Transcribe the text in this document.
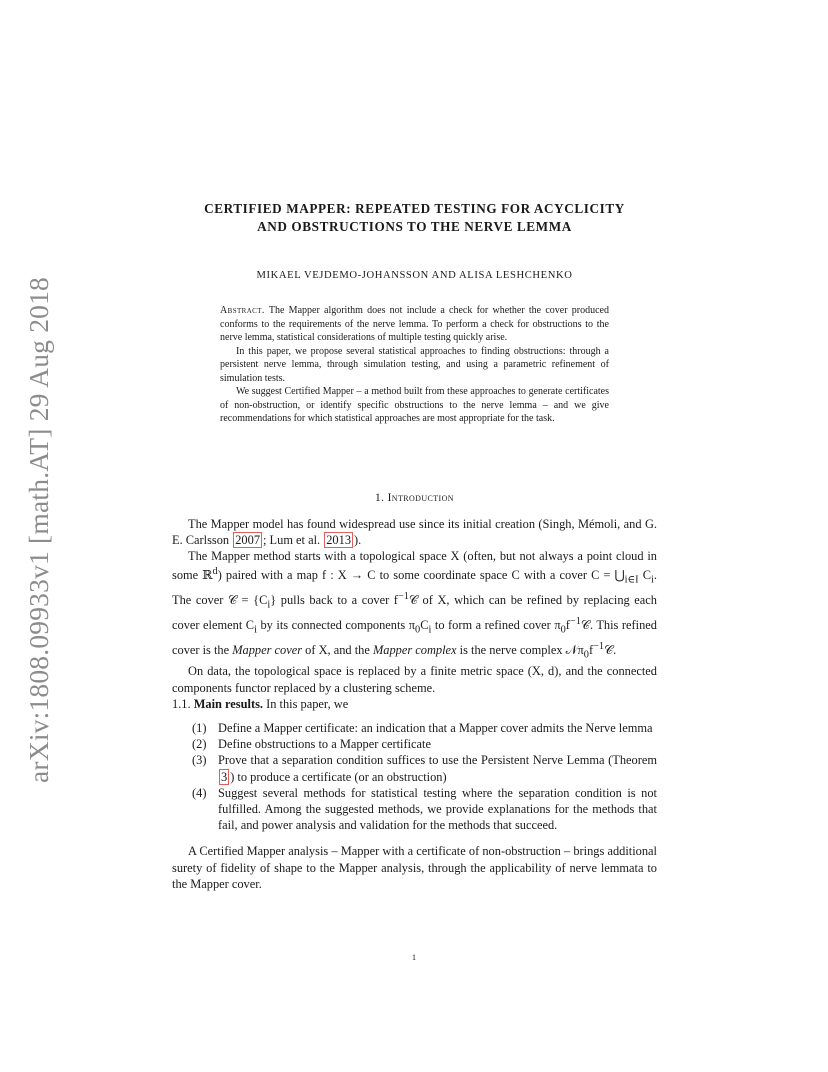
arXiv:1808.09933v1 [math.AT] 29 Aug 2018
CERTIFIED MAPPER: REPEATED TESTING FOR ACYCLICITY
AND OBSTRUCTIONS TO THE NERVE LEMMA
MIKAEL VEJDEMO-JOHANSSON AND ALISA LESHCHENKO

Abstract. The Mapper algorithm does not include a check for whether the cover produced conforms to the requirements of the nerve lemma. To perform a check for obstructions to the nerve lemma, statistical considerations of multiple testing quickly arise.

In this paper, we propose several statistical approaches to finding obstructions: through a persistent nerve lemma, through simulation testing, and using a parametric refinement of simulation tests.

We suggest Certified Mapper – a method built from these approaches to generate certificates of non-obstruction, or identify specific obstructions to the nerve lemma – and we give recommendations for which statistical approaches are most appropriate for the task.

1. Introduction

The Mapper model has found widespread use since its initial creation (Singh, Mémoli, and G. E. Carlsson 2007 ; Lum et al. 2013 ).

The Mapper method starts with a topological space X (often, but not always a point cloud in some ℝ$^d$) paired with a map f : X → C to some coordinate space C with a cover $C = ⋃_{i\in I}$ $C_i$. The cover 𝒞 = $\{C_i\}$ pulls back to a cover $f^{-1}𝒞$ of X, which can be refined by replacing each cover element $C_i$ by its connected components $\pi_0C_i$ to form a refined cover $\pi_0f^{-1}𝒞$. This refined cover is the Mapper cover of X, and the Mapper complex is the nerve complex $𝒩\pi_0f^{-1}𝒞$.

On data, the topological space is replaced by a finite metric space (X, d), and the connected components functor replaced by a clustering scheme.

1.1. Main results. In this paper, we

(1) Define a Mapper certificate: an indication that a Mapper cover admits the Nerve lemma
(2) Define obstructions to a Mapper certificate
(3) Prove that a separation condition suffices to use the Persistent Nerve Lemma (Theorem 3 ) to produce a certificate (or an obstruction)
(4) Suggest several methods for statistical testing where the separation condition is not fulfilled. Among the suggested methods, we provide explanations for the methods that fail, and power analysis and validation for the methods that succeed.

A Certified Mapper analysis – Mapper with a certificate of non-obstruction – brings additional surety of fidelity of shape to the Mapper analysis, through the applicability of nerve lemmata to the Mapper cover.

1
